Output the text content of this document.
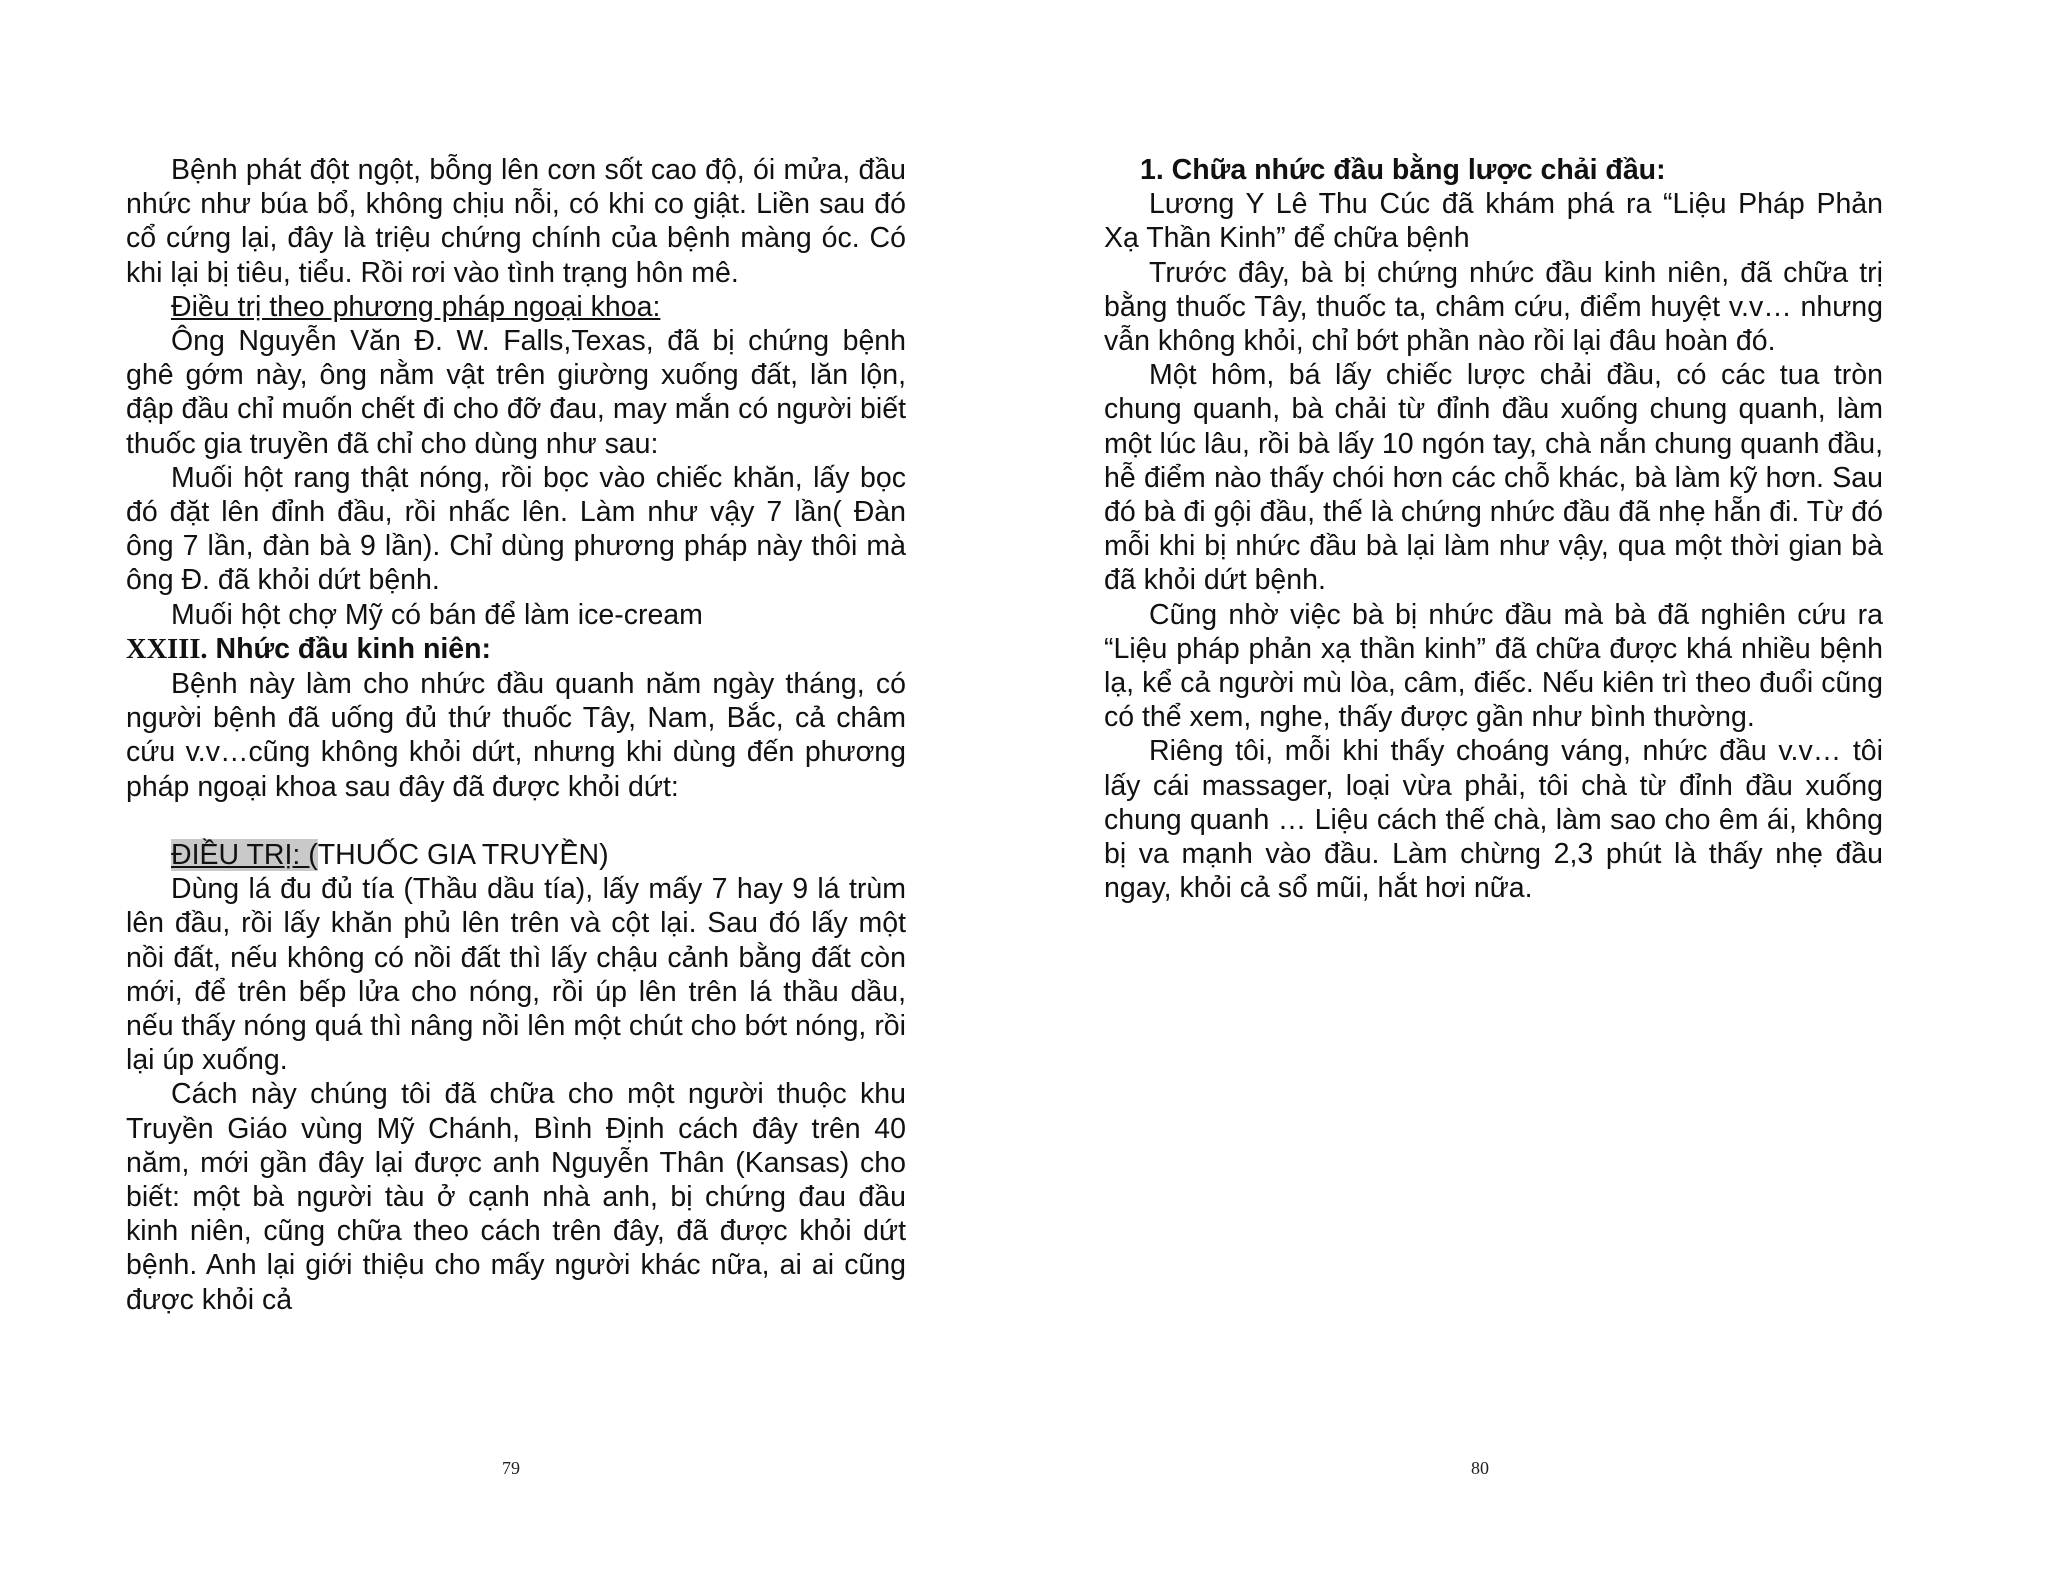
Bệnh phát đột ngột, bỗng lên cơn sốt cao độ, ói mửa, đầu nhức như búa bổ, không chịu nỗi, có khi co giật. Liền sau đó cổ cứng lại, đây là triệu chứng chính của bệnh màng óc. Có khi lại bị tiêu, tiểu. Rồi rơi vào tình trạng hôn mê.

Điều trị theo phương pháp ngoại khoa:

Ông Nguyễn Văn Đ. W. Falls,Texas, đã bị chứng bệnh ghê gớm này, ông nằm vật trên giường xuống đất, lăn lộn, đập đầu chỉ muốn chết đi cho đỡ đau, may mắn có người biết thuốc gia truyền đã chỉ cho dùng như sau:

Muối hột rang thật nóng, rồi bọc vào chiếc khăn, lấy bọc đó đặt lên đỉnh đầu, rồi nhấc lên. Làm như vậy 7 lần( Đàn ông 7 lần, đàn bà 9 lần). Chỉ dùng phương pháp này thôi mà ông Đ. đã khỏi dứt bệnh.

Muối hột chợ Mỹ có bán để làm ice-cream

XXIII. Nhức đầu kinh niên:

Bệnh này làm cho nhức đầu quanh năm ngày tháng, có người bệnh đã uống đủ thứ thuốc Tây, Nam, Bắc, cả châm cứu v.v…cũng không khỏi dứt, nhưng khi dùng đến phương pháp ngoại khoa sau đây đã được khỏi dứt:

ĐIỀU TRỊ: (THUỐC GIA TRUYỀN)

Dùng lá đu đủ tía (Thầu dầu tía), lấy mấy 7 hay 9 lá trùm lên đầu, rồi lấy khăn phủ lên trên và cột lại. Sau đó lấy một nồi đất, nếu không có nồi đất thì lấy chậu cảnh bằng đất còn mới, để trên bếp lửa cho nóng, rồi úp lên trên lá thầu dầu, nếu thấy nóng quá thì nâng nồi lên một chút cho bớt nóng, rồi lại úp xuống.

Cách này chúng tôi đã chữa cho một người thuộc khu Truyền Giáo vùng Mỹ Chánh, Bình Định cách đây trên 40 năm, mới gần đây lại được anh Nguyễn Thân (Kansas) cho biết: một bà người tàu ở cạnh nhà anh, bị chứng đau đầu kinh niên, cũng chữa theo cách trên đây, đã được khỏi dứt bệnh. Anh lại giới thiệu cho mấy người khác nữa, ai ai cũng được khỏi cả

1. Chữa nhức đầu bằng lược chải đầu:

Lương Y Lê Thu Cúc đã khám phá ra “Liệu Pháp Phản Xạ Thần Kinh” để chữa bệnh

Trước đây, bà bị chứng nhức đầu kinh niên, đã chữa trị bằng thuốc Tây, thuốc ta, châm cứu, điểm huyệt v.v… nhưng vẫn không khỏi, chỉ bớt phần nào rồi lại đâu hoàn đó.

Một hôm, bá lấy chiếc lược chải đầu, có các tua tròn chung quanh, bà chải từ đỉnh đầu xuống chung quanh, làm một lúc lâu, rồi bà lấy 10 ngón tay, chà nắn chung quanh đầu, hễ điểm nào thấy chói hơn các chỗ khác, bà làm kỹ hơn. Sau đó bà đi gội đầu, thế là chứng nhức đầu đã nhẹ hẵn đi. Từ đó mỗi khi bị nhức đầu bà lại làm như vậy, qua một thời gian bà đã khỏi dứt bệnh.

Cũng nhờ việc bà bị nhức đầu mà bà đã nghiên cứu ra “Liệu pháp phản xạ thần kinh” đã chữa được khá nhiều bệnh lạ, kể cả người mù lòa, câm, điếc. Nếu kiên trì theo đuổi cũng có thể xem, nghe, thấy được gần như bình thường.

Riêng tôi, mỗi khi thấy choáng váng, nhức đầu v.v… tôi lấy cái massager, loại vừa phải, tôi chà từ đỉnh đầu xuống chung quanh … Liệu cách thế chà, làm sao cho êm ái, không bị va mạnh vào đầu. Làm chừng 2,3 phút là thấy nhẹ đầu ngay, khỏi cả sổ mũi, hắt hơi nữa.

79	80
